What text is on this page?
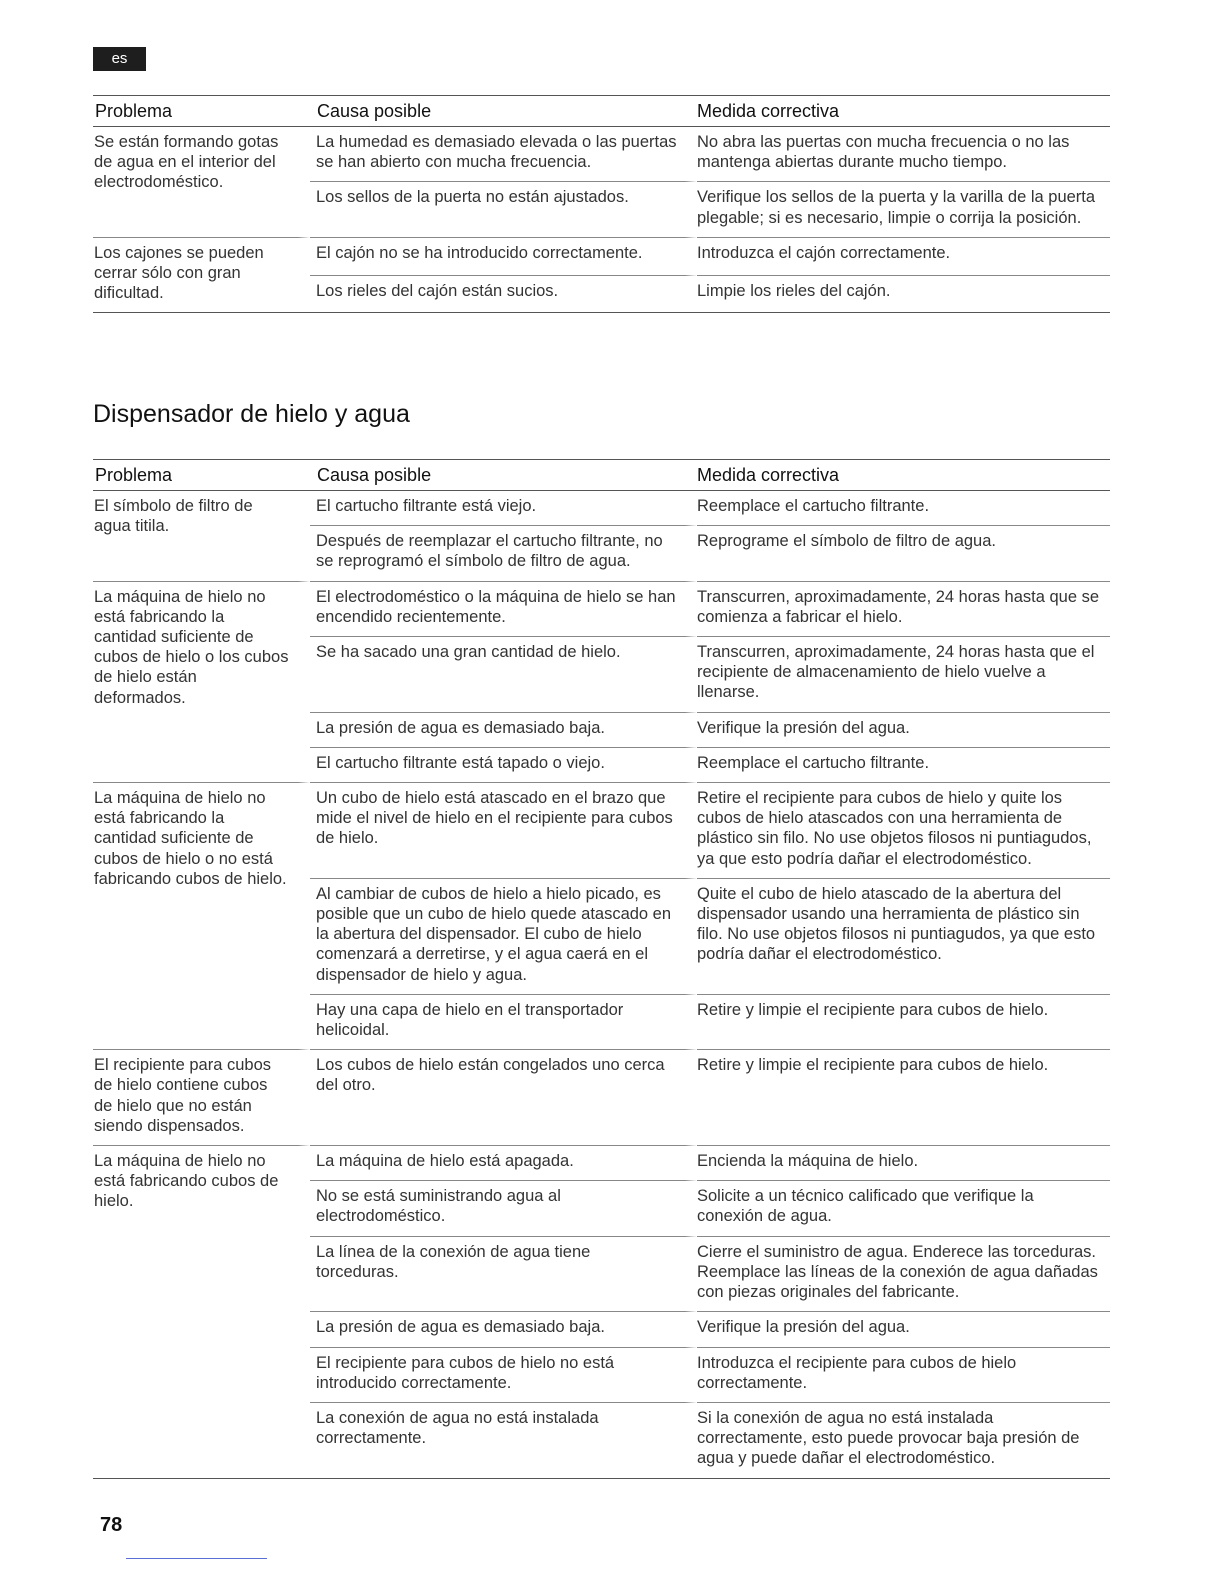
es
Problema	Causa posible	Medida correctiva
Se están formando gotas de agua en el interior del electrodoméstico.	La humedad es demasiado elevada o las puertas se han abierto con mucha frecuencia.	No abra las puertas con mucha frecuencia o no las mantenga abiertas durante mucho tiempo.
	Los sellos de la puerta no están ajustados.	Verifique los sellos de la puerta y la varilla de la puerta plegable; si es necesario, limpie o corrija la posición.
Los cajones se pueden cerrar sólo con gran dificultad.	El cajón no se ha introducido correctamente.	Introduzca el cajón correctamente.
	Los rieles del cajón están sucios.	Limpie los rieles del cajón.
Dispensador de hielo y agua
Problema	Causa posible	Medida correctiva
El símbolo de filtro de agua titila.	El cartucho filtrante está viejo.	Reemplace el cartucho filtrante.
	Después de reemplazar el cartucho filtrante, no se reprogramó el símbolo de filtro de agua.	Reprograme el símbolo de filtro de agua.
La máquina de hielo no está fabricando la cantidad suficiente de cubos de hielo o los cubos de hielo están deformados.	El electrodoméstico o la máquina de hielo se han encendido recientemente.	Transcurren, aproximadamente, 24 horas hasta que se comienza a fabricar el hielo.
	Se ha sacado una gran cantidad de hielo.	Transcurren, aproximadamente, 24 horas hasta que el recipiente de almacenamiento de hielo vuelve a llenarse.
	La presión de agua es demasiado baja.	Verifique la presión del agua.
	El cartucho filtrante está tapado o viejo.	Reemplace el cartucho filtrante.
La máquina de hielo no está fabricando la cantidad suficiente de cubos de hielo o no está fabricando cubos de hielo.	Un cubo de hielo está atascado en el brazo que mide el nivel de hielo en el recipiente para cubos de hielo.	Retire el recipiente para cubos de hielo y quite los cubos de hielo atascados con una herramienta de plástico sin filo. No use objetos filosos ni puntiagudos, ya que esto podría dañar el electrodoméstico.
	Al cambiar de cubos de hielo a hielo picado, es posible que un cubo de hielo quede atascado en la abertura del dispensador. El cubo de hielo comenzará a derretirse, y el agua caerá en el dispensador de hielo y agua.	Quite el cubo de hielo atascado de la abertura del dispensador usando una herramienta de plástico sin filo. No use objetos filosos ni puntiagudos, ya que esto podría dañar el electrodoméstico.
	Hay una capa de hielo en el transportador helicoidal.	Retire y limpie el recipiente para cubos de hielo.
El recipiente para cubos de hielo contiene cubos de hielo que no están siendo dispensados.	Los cubos de hielo están congelados uno cerca del otro.	Retire y limpie el recipiente para cubos de hielo.
La máquina de hielo no está fabricando cubos de hielo.	La máquina de hielo está apagada.	Encienda la máquina de hielo.
	No se está suministrando agua al electrodoméstico.	Solicite a un técnico calificado que verifique la conexión de agua.
	La línea de la conexión de agua tiene torceduras.	Cierre el suministro de agua. Enderece las torceduras. Reemplace las líneas de la conexión de agua dañadas con piezas originales del fabricante.
	La presión de agua es demasiado baja.	Verifique la presión del agua.
	El recipiente para cubos de hielo no está introducido correctamente.	Introduzca el recipiente para cubos de hielo correctamente.
	La conexión de agua no está instalada correctamente.	Si la conexión de agua no está instalada correctamente, esto puede provocar baja presión de agua y puede dañar el electrodoméstico.
78
